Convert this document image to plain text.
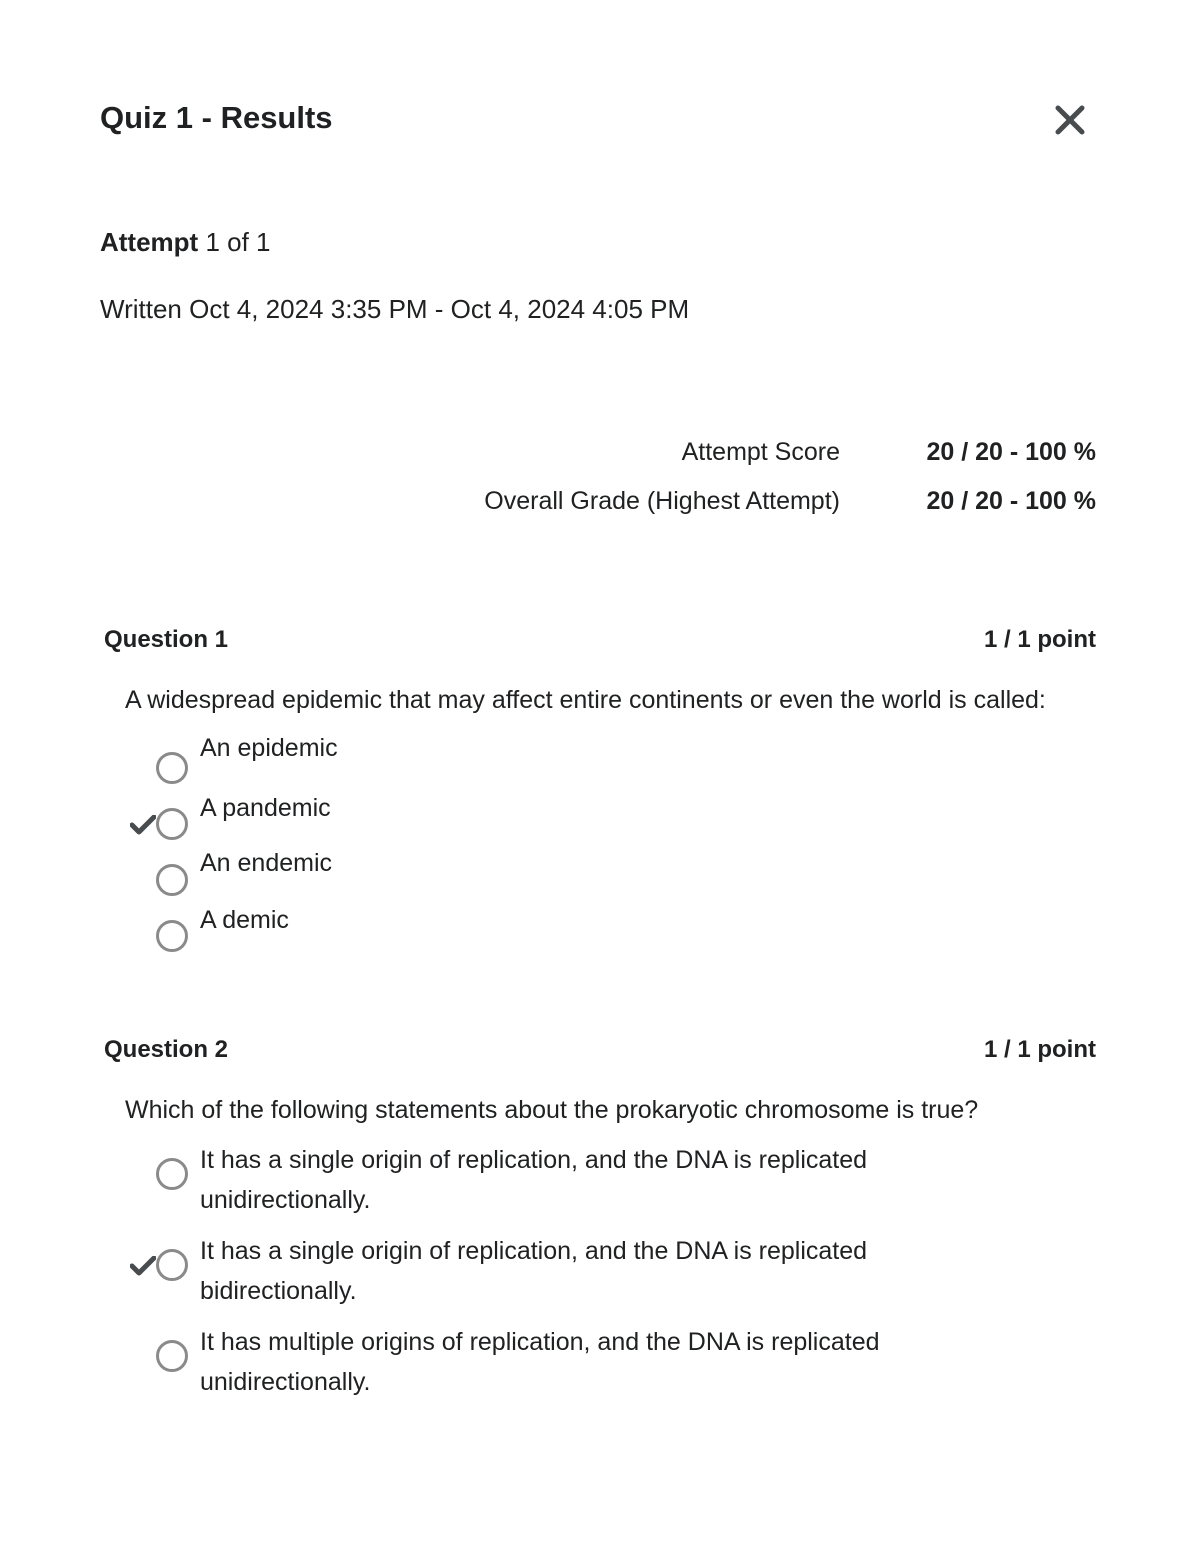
Quiz 1 - Results
Attempt 1 of 1
Written Oct 4, 2024 3:35 PM - Oct 4, 2024 4:05 PM
Attempt Score	20 / 20 - 100 %
Overall Grade (Highest Attempt)	20 / 20 - 100 %
Question 1	1 / 1 point
A widespread epidemic that may affect entire continents or even the world is called:
An epidemic
A pandemic
An endemic
A demic
Question 2	1 / 1 point
Which of the following statements about the prokaryotic chromosome is true?
It has a single origin of replication, and the DNA is replicated unidirectionally.
It has a single origin of replication, and the DNA is replicated bidirectionally.
It has multiple origins of replication, and the DNA is replicated unidirectionally.
